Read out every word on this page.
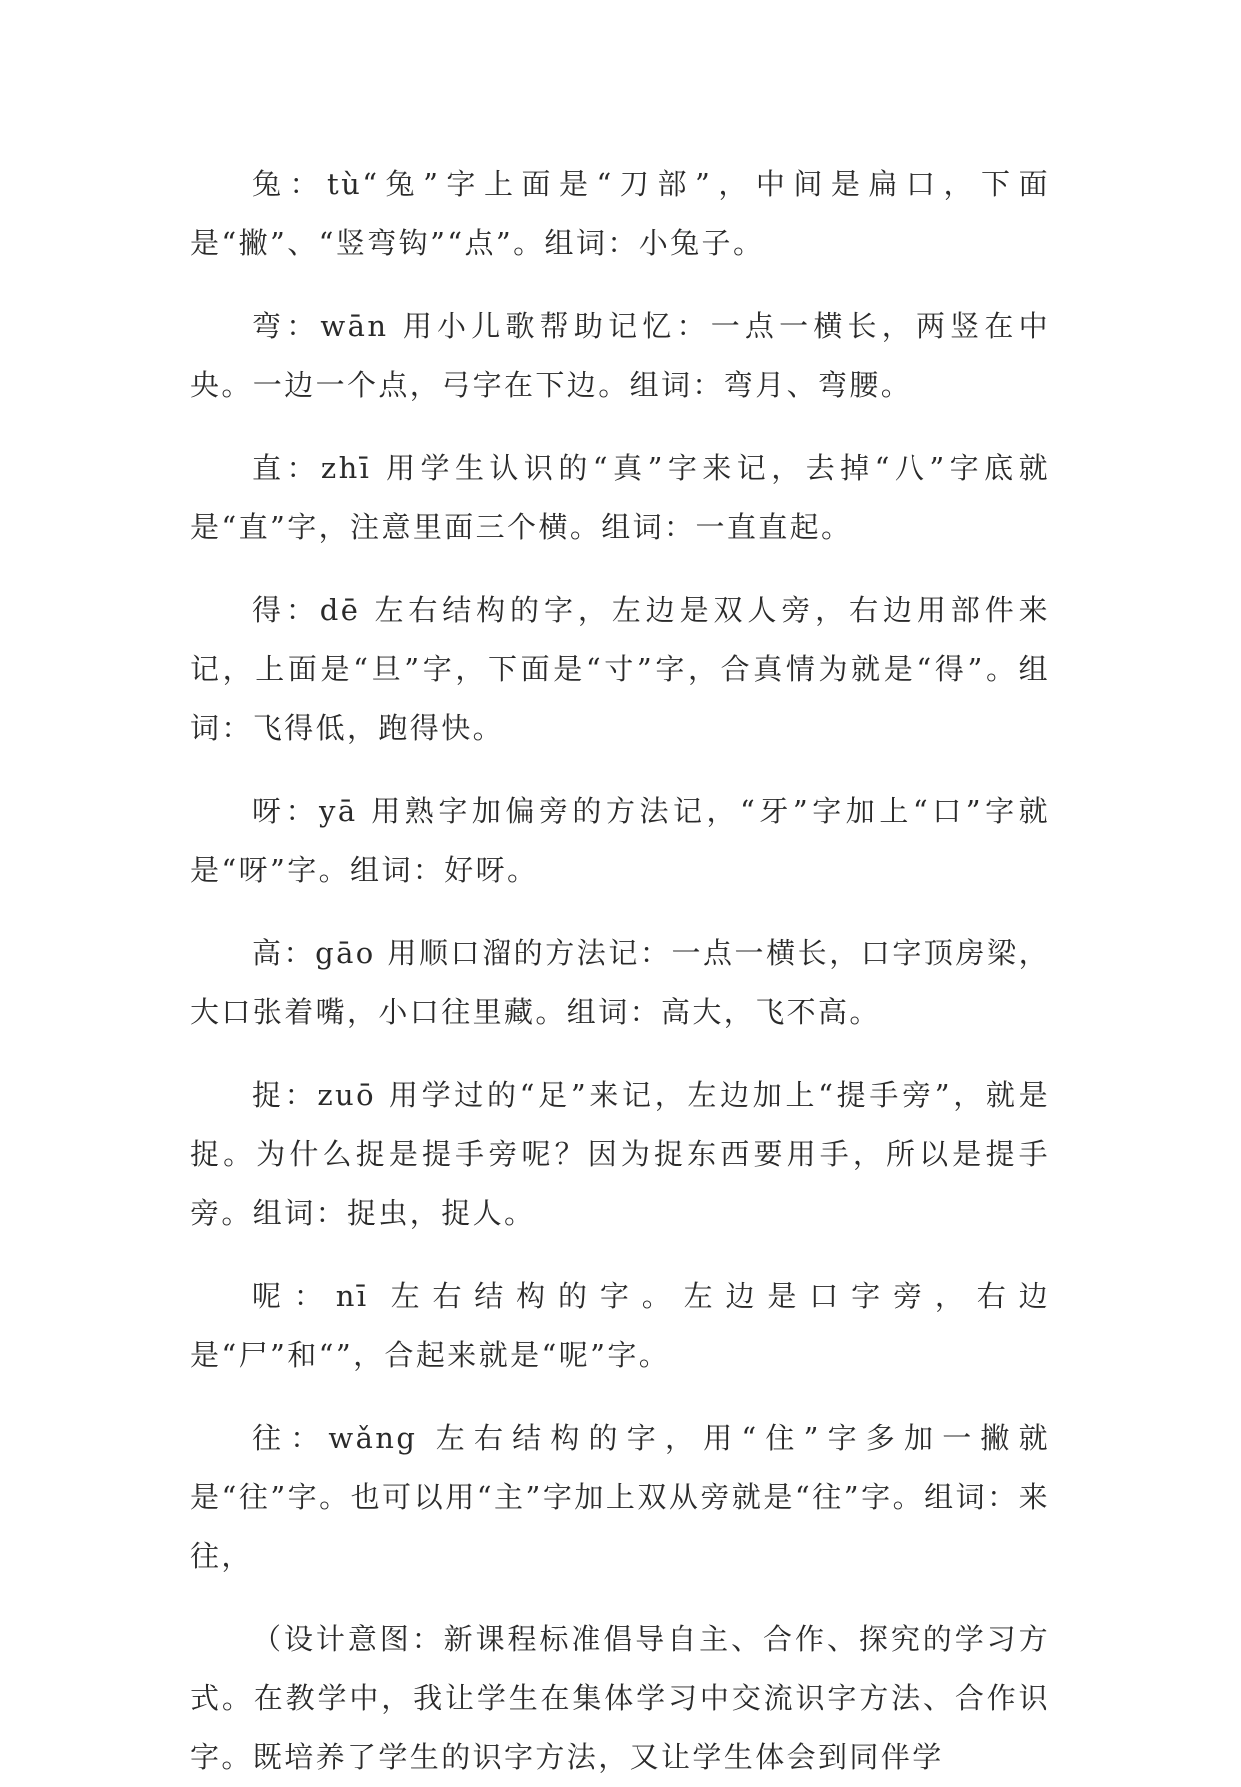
兔：tù“兔”字上面是“刀部”，中间是扁口，下面是“撇”、“竖弯钩”“点”。组词：小兔子。

弯：wān 用小儿歌帮助记忆：一点一横长，两竖在中央。一边一个点，弓字在下边。组词：弯月、弯腰。

直：zhī 用学生认识的“真”字来记，去掉“八”字底就是“直”字，注意里面三个横。组词：一直直起。

得：dē 左右结构的字，左边是双人旁，右边用部件来记，上面是“旦”字，下面是“寸”字，合真情为就是“得”。组词：飞得低，跑得快。

呀：yā 用熟字加偏旁的方法记，“牙”字加上“口”字就是“呀”字。组词：好呀。

高：gāo 用顺口溜的方法记：一点一横长，口字顶房梁，大口张着嘴，小口往里藏。组词：高大，飞不高。

捉：zuō 用学过的“足”来记，左边加上“提手旁”，就是捉。为什么捉是提手旁呢？因为捉东西要用手，所以是提手旁。组词：捉虫，捉人。

呢：nī 左右结构的字。左边是口字旁，右边是“尸”和“”，合起来就是“呢”字。

往：wǎng 左右结构的字，用“住”字多加一撇就是“往”字。也可以用“主”字加上双从旁就是“往”字。组词：来往，

（设计意图：新课程标准倡导自主、合作、探究的学习方式。在教学中，我让学生在集体学习中交流识字方法、合作识字。既培养了学生的识字方法，又让学生体会到同伴学
